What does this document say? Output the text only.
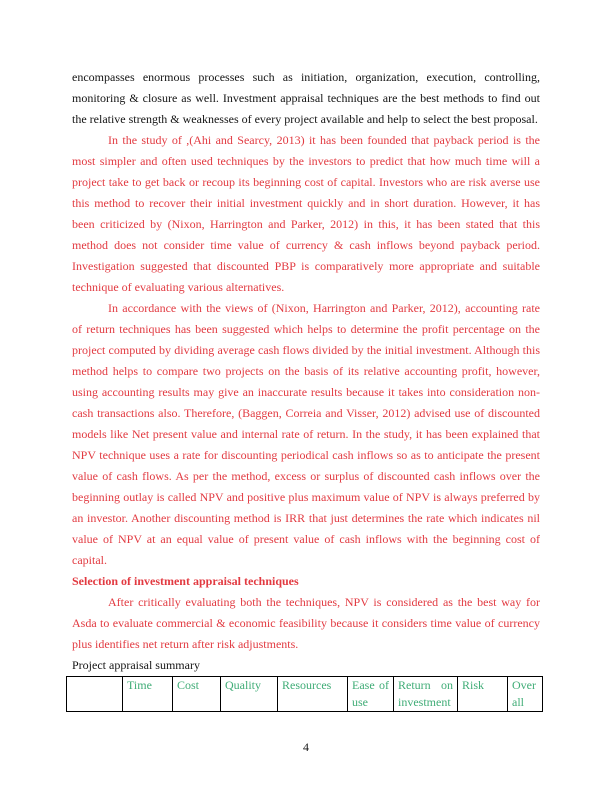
encompasses enormous processes such as initiation, organization, execution, controlling,
monitoring & closure as well. Investment appraisal techniques are the best methods to find out
the relative strength & weaknesses of every project available and help to select the best proposal.
In the study of ,(Ahi and Searcy, 2013) it has been founded that payback period is the
most simpler and often used techniques by the investors to predict that how much time will a
project take to get back or recoup its beginning cost of capital. Investors who are risk averse use
this method to recover their initial investment quickly and in short duration. However, it has
been criticized by (Nixon, Harrington and Parker, 2012) in this, it has been stated that this
method does not consider time value of currency & cash inflows beyond payback period.
Investigation suggested that discounted PBP is comparatively more appropriate and suitable
technique of evaluating various alternatives.
In accordance with the views of (Nixon, Harrington and Parker, 2012), accounting rate
of return techniques has been suggested which helps to determine the profit percentage on the
project computed by dividing average cash flows divided by the initial investment. Although this
method helps to compare two projects on the basis of its relative accounting profit, however,
using accounting results may give an inaccurate results because it takes into consideration non-
cash transactions also. Therefore, (Baggen, Correia and Visser, 2012) advised use of discounted
models like Net present value and internal rate of return. In the study, it has been explained that
NPV technique uses a rate for discounting periodical cash inflows so as to anticipate the present
value of cash flows. As per the method, excess or surplus of discounted cash inflows over the
beginning outlay is called NPV and positive plus maximum value of NPV is always preferred by
an investor. Another discounting method is IRR that just determines the rate which indicates nil
value of NPV at an equal value of present value of cash inflows with the beginning cost of
capital.
Selection of investment appraisal techniques
After critically evaluating both the techniques, NPV is considered as the best way for
Asda to evaluate commercial & economic feasibility because it considers time value of currency
plus identifies net return after risk adjustments.
Project appraisal summary
	Time	Cost	Quality	Resources	Ease of use	Return on investment	Risk	Over all
4
